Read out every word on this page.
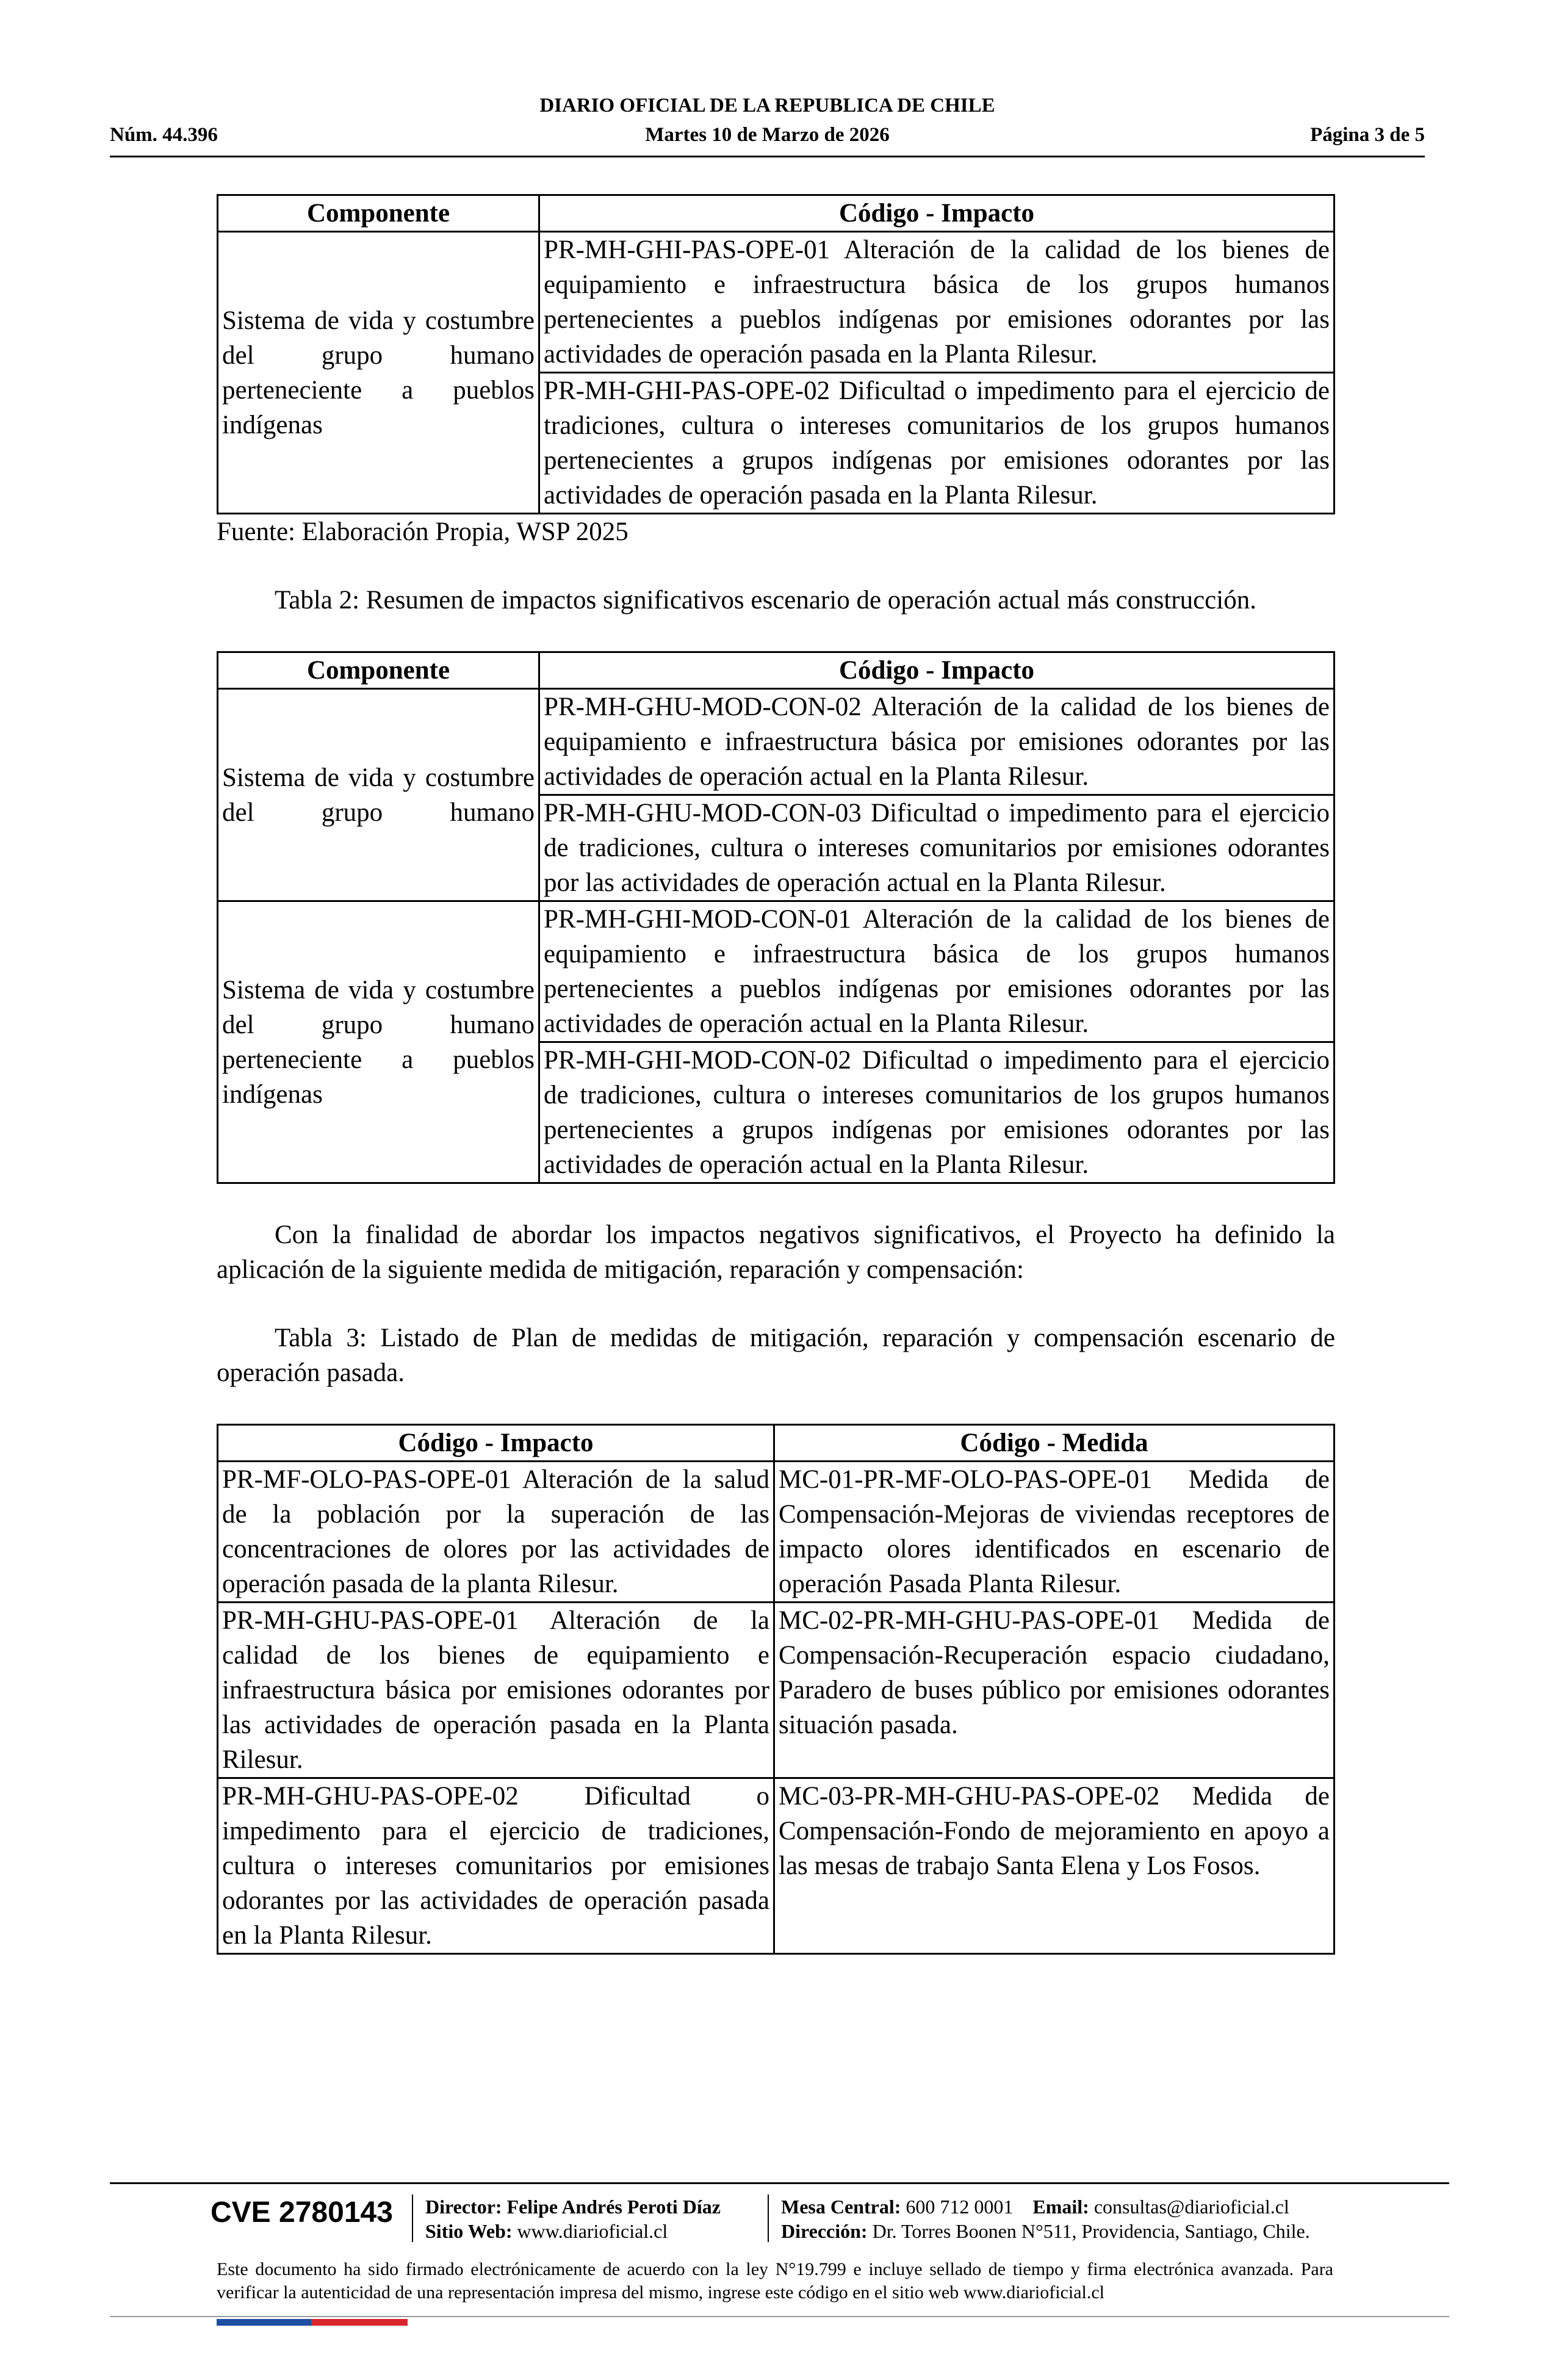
DIARIO OFICIAL DE LA REPUBLICA DE CHILE
Núm. 44.396	Martes 10 de Marzo de 2026	Página 3 de 5
Componente	Código - Impacto
Sistema de vida y costumbre del grupo humano perteneciente a pueblos indígenas	PR-MH-GHI-PAS-OPE-01 Alteración de la calidad de los bienes de equipamiento e infraestructura básica de los grupos humanos pertenecientes a pueblos indígenas por emisiones odorantes por las actividades de operación pasada en la Planta Rilesur.
	PR-MH-GHI-PAS-OPE-02 Dificultad o impedimento para el ejercicio de tradiciones, cultura o intereses comunitarios de los grupos humanos pertenecientes a grupos indígenas por emisiones odorantes por las actividades de operación pasada en la Planta Rilesur.
Fuente: Elaboración Propia, WSP 2025

Tabla 2: Resumen de impactos significativos escenario de operación actual más construcción.

Componente	Código - Impacto
Sistema de vida y costumbre del grupo humano	PR-MH-GHU-MOD-CON-02 Alteración de la calidad de los bienes de equipamiento e infraestructura básica por emisiones odorantes por las actividades de operación actual en la Planta Rilesur.
	PR-MH-GHU-MOD-CON-03 Dificultad o impedimento para el ejercicio de tradiciones, cultura o intereses comunitarios por emisiones odorantes por las actividades de operación actual en la Planta Rilesur.
Sistema de vida y costumbre del grupo humano perteneciente a pueblos indígenas	PR-MH-GHI-MOD-CON-01 Alteración de la calidad de los bienes de equipamiento e infraestructura básica de los grupos humanos pertenecientes a pueblos indígenas por emisiones odorantes por las actividades de operación actual en la Planta Rilesur.
	PR-MH-GHI-MOD-CON-02 Dificultad o impedimento para el ejercicio de tradiciones, cultura o intereses comunitarios de los grupos humanos pertenecientes a grupos indígenas por emisiones odorantes por las actividades de operación actual en la Planta Rilesur.

Con la finalidad de abordar los impactos negativos significativos, el Proyecto ha definido la aplicación de la siguiente medida de mitigación, reparación y compensación:

Tabla 3: Listado de Plan de medidas de mitigación, reparación y compensación escenario de operación pasada.

Código - Impacto	Código - Medida
PR-MF-OLO-PAS-OPE-01 Alteración de la salud de la población por la superación de las concentraciones de olores por las actividades de operación pasada de la planta Rilesur.	MC-01-PR-MF-OLO-PAS-OPE-01 Medida de Compensación-Mejoras de viviendas receptores de impacto olores identificados en escenario de operación Pasada Planta Rilesur.
PR-MH-GHU-PAS-OPE-01 Alteración de la calidad de los bienes de equipamiento e infraestructura básica por emisiones odorantes por las actividades de operación pasada en la Planta Rilesur.	MC-02-PR-MH-GHU-PAS-OPE-01 Medida de Compensación-Recuperación espacio ciudadano, Paradero de buses público por emisiones odorantes situación pasada.
PR-MH-GHU-PAS-OPE-02 Dificultad o impedimento para el ejercicio de tradiciones, cultura o intereses comunitarios por emisiones odorantes por las actividades de operación pasada en la Planta Rilesur.	MC-03-PR-MH-GHU-PAS-OPE-02 Medida de Compensación-Fondo de mejoramiento en apoyo a las mesas de trabajo Santa Elena y Los Fosos.
CVE 2780143 Director: Felipe Andrés Peroti Díaz
Sitio Web: www.diarioficial.cl
Mesa Central: 600 712 0001 Email: consultas@diarioficial.cl
Dirección: Dr. Torres Boonen N°511, Providencia, Santiago, Chile.
Este documento ha sido firmado electrónicamente de acuerdo con la ley N°19.799 e incluye sellado de tiempo y firma electrónica avanzada. Para verificar la autenticidad de una representación impresa del mismo, ingrese este código en el sitio web www.diarioficial.cl
